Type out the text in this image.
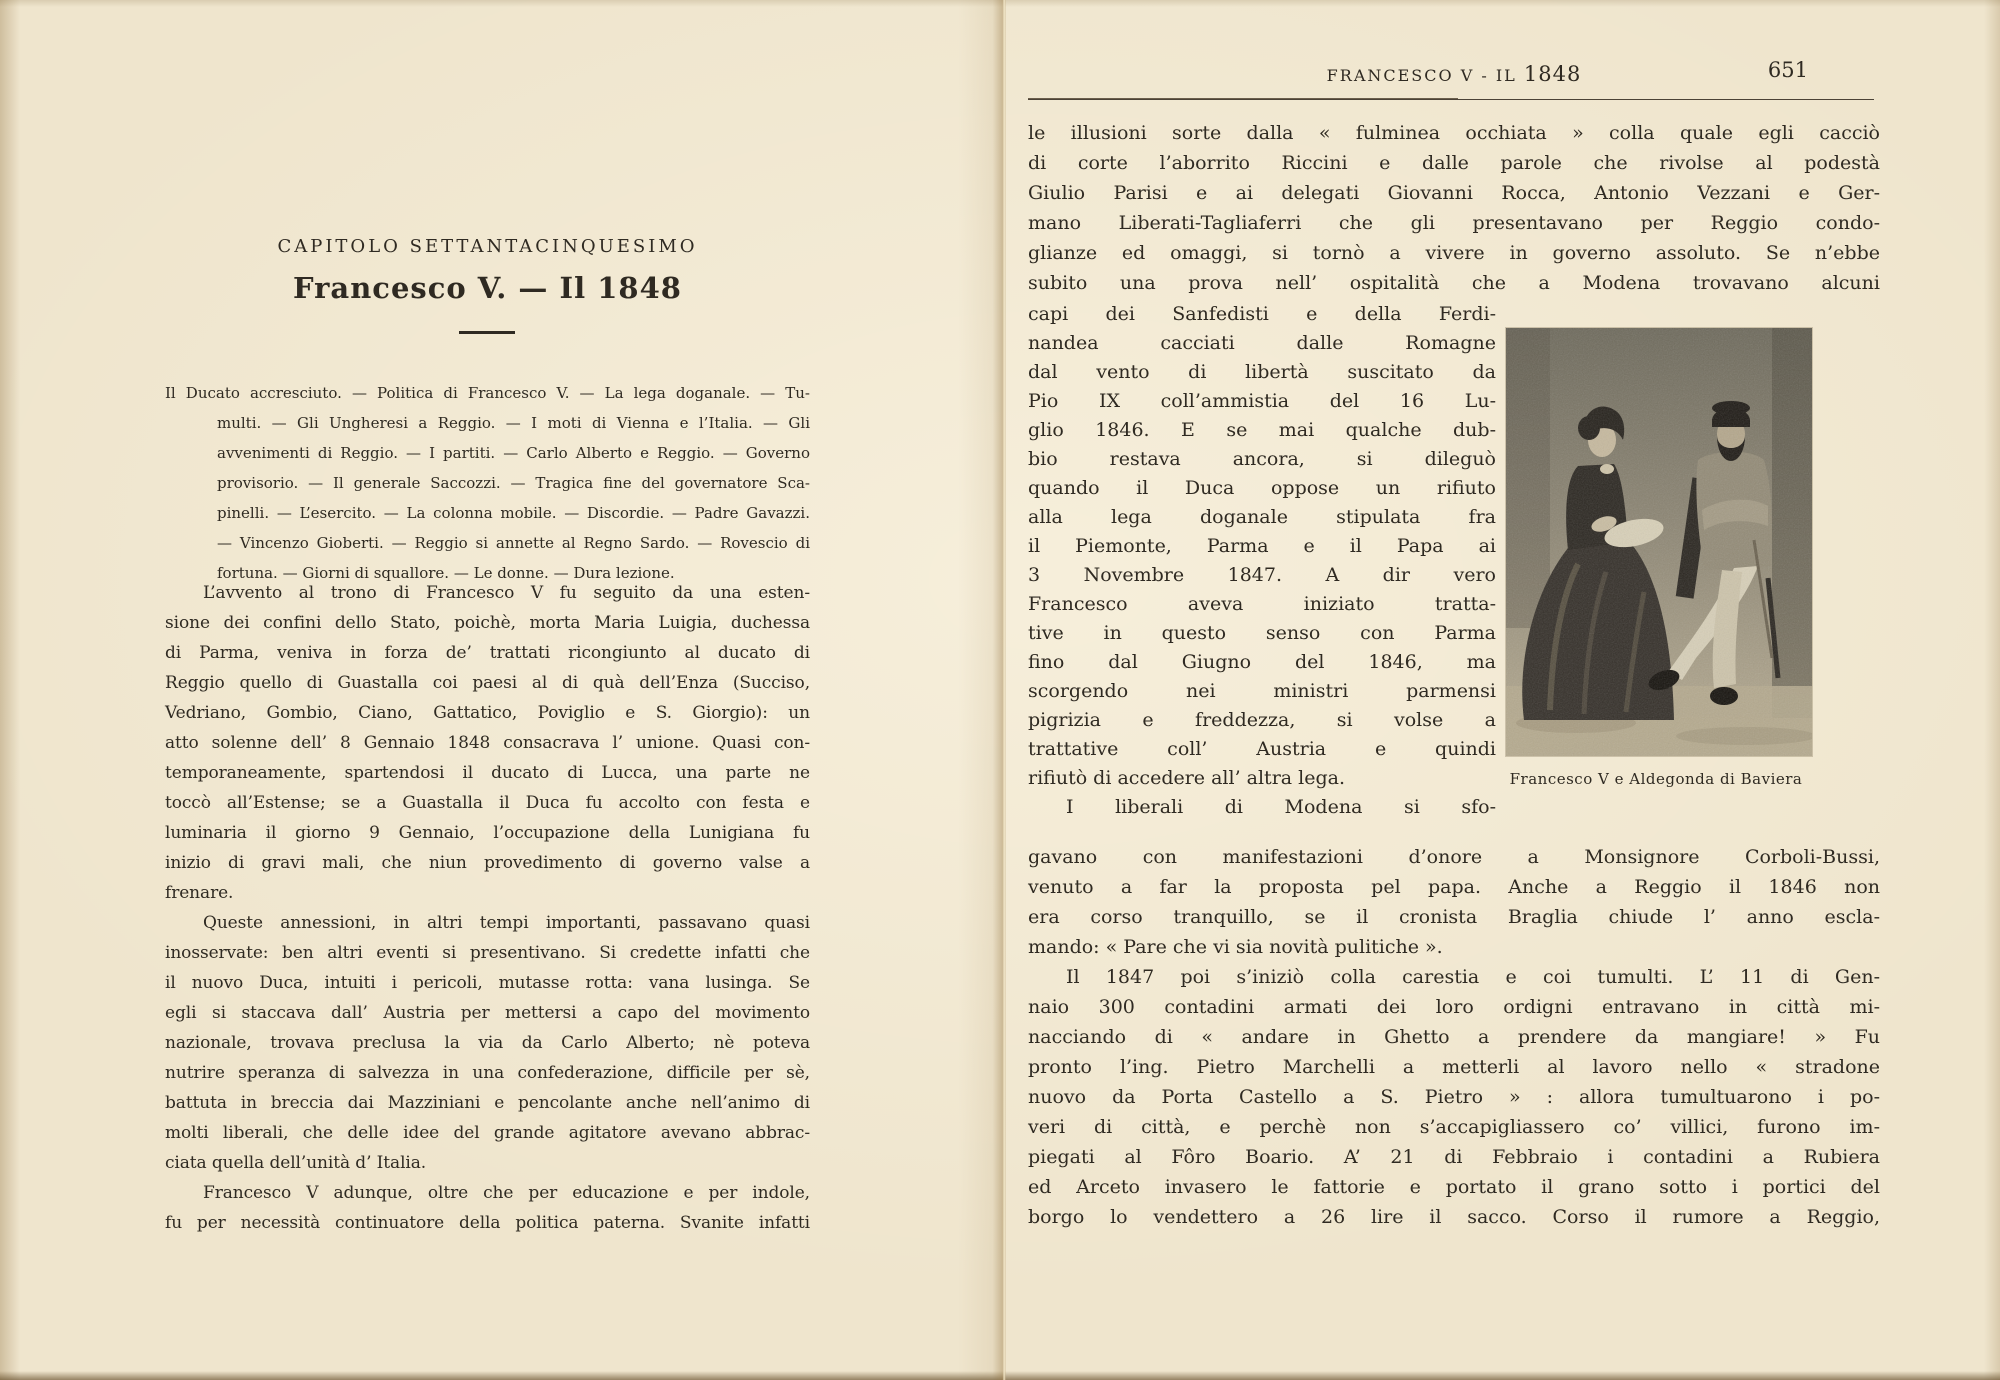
CAPITOLO SETTANTACINQUESIMO
Francesco V. — Il 1848
Il Ducato accresciuto. — Politica di Francesco V. — La lega doganale. — Tu-
multi. — Gli Ungheresi a Reggio. — I moti di Vienna e l’Italia. — Gli
avvenimenti di Reggio. — I partiti. — Carlo Alberto e Reggio. — Governo
provisorio. — Il generale Saccozzi. — Tragica fine del governatore Sca-
pinelli. — L’esercito. — La colonna mobile. — Discordie. — Padre Gavazzi.
— Vincenzo Gioberti. — Reggio si annette al Regno Sardo. — Rovescio di
fortuna. — Giorni di squallore. — Le donne. — Dura lezione.
L’avvento al trono di Francesco V fu seguito da una esten-
sione dei confini dello Stato, poichè, morta Maria Luigia, duchessa
di Parma, veniva in forza de’ trattati ricongiunto al ducato di
Reggio quello di Guastalla coi paesi al di quà dell’Enza (Succiso,
Vedriano, Gombio, Ciano, Gattatico, Poviglio e S. Giorgio): un
atto solenne dell’ 8 Gennaio 1848 consacrava l’ unione. Quasi con-
temporaneamente, spartendosi il ducato di Lucca, una parte ne
toccò all’Estense; se a Guastalla il Duca fu accolto con festa e
luminaria il giorno 9 Gennaio, l’occupazione della Lunigiana fu
inizio di gravi mali, che niun provedimento di governo valse a
frenare.
Queste annessioni, in altri tempi importanti, passavano quasi
inosservate: ben altri eventi si presentivano. Si credette infatti che
il nuovo Duca, intuiti i pericoli, mutasse rotta: vana lusinga. Se
egli si staccava dall’ Austria per mettersi a capo del movimento
nazionale, trovava preclusa la via da Carlo Alberto; nè poteva
nutrire speranza di salvezza in una confederazione, difficile per sè,
battuta in breccia dai Mazziniani e pencolante anche nell’animo di
molti liberali, che delle idee del grande agitatore avevano abbrac-
ciata quella dell’unità d’ Italia.
Francesco V adunque, oltre che per educazione e per indole,
fu per necessità continuatore della politica paterna. Svanite infatti
FRANCESCO V - IL 1848	651
le illusioni sorte dalla « fulminea occhiata » colla quale egli cacciò
di corte l’aborrito Riccini e dalle parole che rivolse al podestà
Giulio Parisi e ai delegati Giovanni Rocca, Antonio Vezzani e Ger-
mano Liberati-Tagliaferri che gli presentavano per Reggio condo-
glianze ed omaggi, si tornò a vivere in governo assoluto. Se n’ebbe
subito una prova nell’ ospitalità che a Modena trovavano alcuni
capi dei Sanfedisti e della Ferdi-
nandea cacciati dalle Romagne
dal vento di libertà suscitato da
Pio IX coll’ammistia del 16 Lu-
glio 1846. E se mai qualche dub-
bio restava ancora, si dileguò
quando il Duca oppose un rifiuto
alla lega doganale stipulata fra
il Piemonte, Parma e il Papa ai
3 Novembre 1847. A dir vero
Francesco aveva iniziato tratta-
tive in questo senso con Parma
fino dal Giugno del 1846, ma
scorgendo nei ministri parmensi
pigrizia e freddezza, si volse a
trattative coll’ Austria e quindi
rifiutò di accedere all’ altra lega.
I liberali di Modena si sfo-
Francesco V e Aldegonda di Baviera
gavano con manifestazioni d’onore a Monsignore Corboli-Bussi,
venuto a far la proposta pel papa. Anche a Reggio il 1846 non
era corso tranquillo, se il cronista Braglia chiude l’ anno escla-
mando: « Pare che vi sia novità pulitiche ».
Il 1847 poi s’iniziò colla carestia e coi tumulti. L’ 11 di Gen-
naio 300 contadini armati dei loro ordigni entravano in città mi-
nacciando di « andare in Ghetto a prendere da mangiare! » Fu
pronto l’ing. Pietro Marchelli a metterli al lavoro nello « stradone
nuovo da Porta Castello a S. Pietro » : allora tumultuarono i po-
veri di città, e perchè non s’accapigliassero co’ villici, furono im-
piegati al Fôro Boario. A’ 21 di Febbraio i contadini a Rubiera
ed Arceto invasero le fattorie e portato il grano sotto i portici del
borgo lo vendettero a 26 lire il sacco. Corso il rumore a Reggio,
